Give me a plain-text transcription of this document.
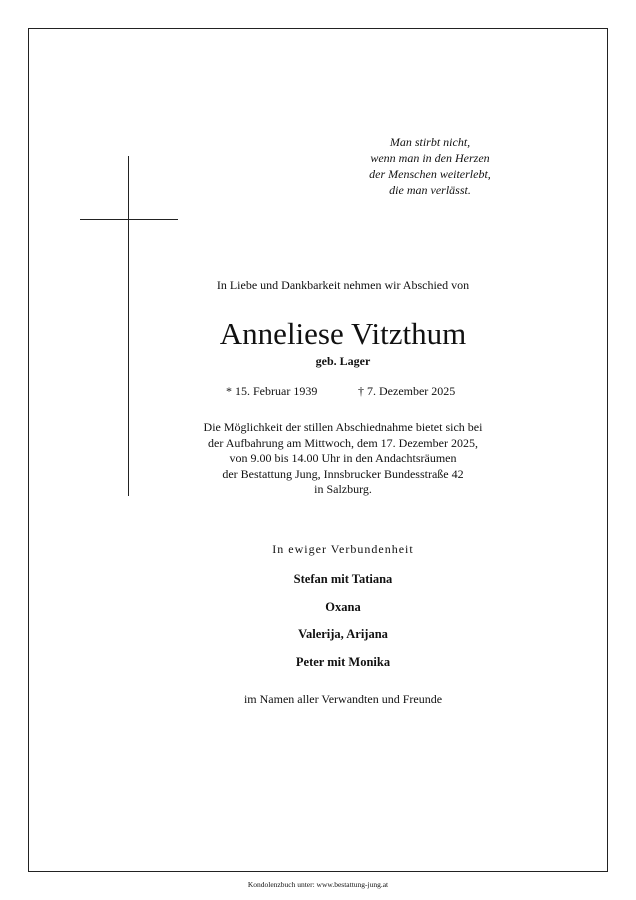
Man stirbt nicht,
wenn man in den Herzen
der Menschen weiterlebt,
die man verlässt.
In Liebe und Dankbarkeit nehmen wir Abschied von
Anneliese Vitzthum
geb. Lager
* 15. Februar 1939	† 7. Dezember 2025
Die Möglichkeit der stillen Abschiednahme bietet sich bei
der Aufbahrung am Mittwoch, dem 17. Dezember 2025,
von 9.00 bis 14.00 Uhr in den Andachtsräumen
der Bestattung Jung, Innsbrucker Bundesstraße 42
in Salzburg.
In ewiger Verbundenheit
Stefan mit Tatiana
Oxana
Valerija, Arijana
Peter mit Monika
im Namen aller Verwandten und Freunde
Kondolenzbuch unter: www.bestattung-jung.at
